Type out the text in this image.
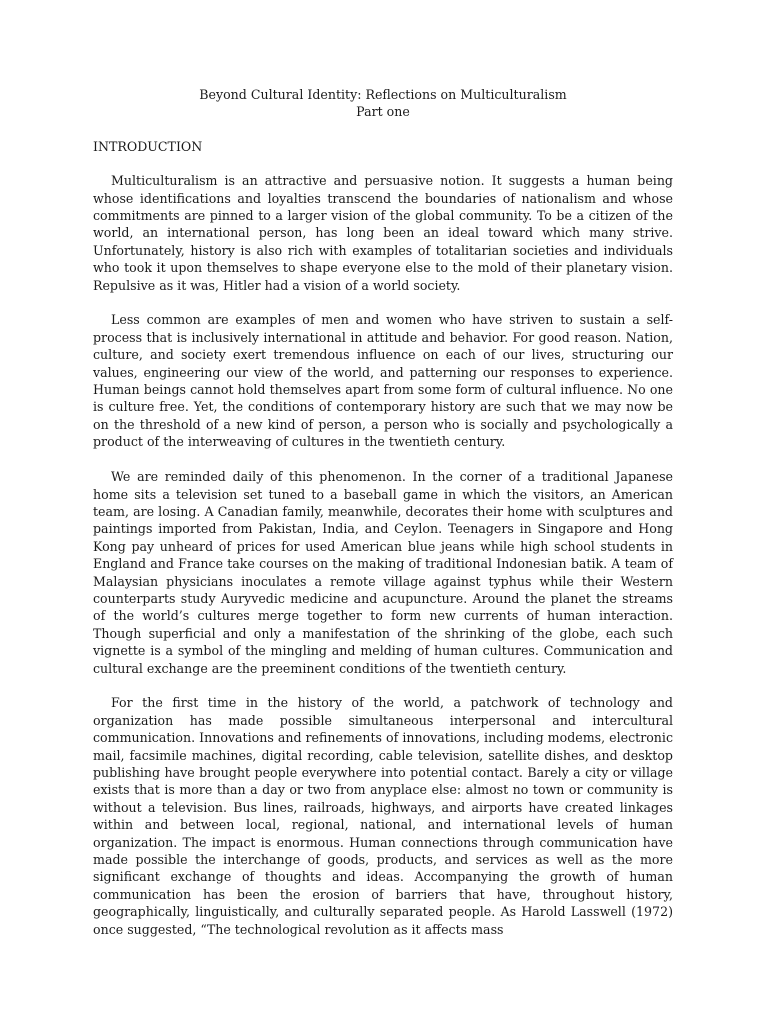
Beyond Cultural Identity: Reflections on Multiculturalism

Part one

INTRODUCTION

Multiculturalism is an attractive and persuasive notion. It suggests a human being whose identifications and loyalties transcend the boundaries of nationalism and whose commitments are pinned to a larger vision of the global community. To be a citizen of the world, an international person, has long been an ideal toward which many strive. Unfortunately, history is also rich with examples of totalitarian societies and individuals who took it upon themselves to shape everyone else to the mold of their planetary vision. Repulsive as it was, Hitler had a vision of a world society.

Less common are examples of men and women who have striven to sustain a self-process that is inclusively international in attitude and behavior. For good reason. Nation, culture, and society exert tremendous influence on each of our lives, structuring our values, engineering our view of the world, and patterning our responses to experience. Human beings cannot hold themselves apart from some form of cultural influence. No one is culture free. Yet, the conditions of contemporary history are such that we may now be on the threshold of a new kind of person, a person who is socially and psychologically a product of the interweaving of cultures in the twentieth century.

We are reminded daily of this phenomenon. In the corner of a traditional Japanese home sits a television set tuned to a baseball game in which the visitors, an American team, are losing. A Canadian family, meanwhile, decorates their home with sculptures and paintings imported from Pakistan, India, and Ceylon. Teenagers in Singapore and Hong Kong pay unheard of prices for used American blue jeans while high school students in England and France take courses on the making of traditional Indonesian batik. A team of Malaysian physicians inoculates a remote village against typhus while their Western counterparts study Auryvedic medicine and acupuncture. Around the planet the streams of the world’s cultures merge together to form new currents of human interaction. Though superficial and only a manifestation of the shrinking of the globe, each such vignette is a symbol of the mingling and melding of human cultures. Communication and cultural exchange are the preeminent conditions of the twentieth century.

For the first time in the history of the world, a patchwork of technology and organization has made possible simultaneous interpersonal and intercultural communication. Innovations and refinements of innovations, including modems, electronic mail, facsimile machines, digital recording, cable television, satellite dishes, and desktop publishing have brought people everywhere into potential contact. Barely a city or village exists that is more than a day or two from anyplace else: almost no town or community is without a television. Bus lines, railroads, highways, and airports have created linkages within and between local, regional, national, and international levels of human organization. The impact is enormous. Human connections through communication have made possible the interchange of goods, products, and services as well as the more significant exchange of thoughts and ideas. Accompanying the growth of human communication has been the erosion of barriers that have, throughout history, geographically, linguistically, and culturally separated people. As Harold Lasswell (1972) once suggested, “The technological revolution as it affects mass
